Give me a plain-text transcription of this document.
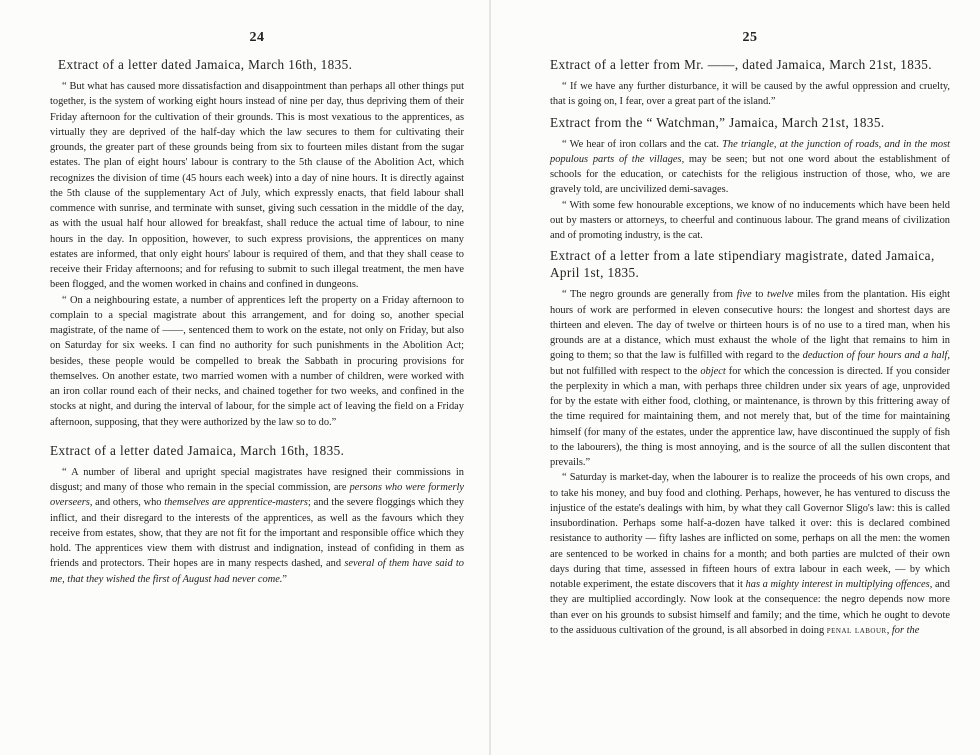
24
Extract of a letter dated Jamaica, March 16th, 1835.

“ But what has caused more dissatisfaction and disappointment than perhaps all other things put together, is the system of working eight hours instead of nine per day, thus depriving them of their Friday afternoon for the cultivation of their grounds. This is most vexatious to the apprentices, as virtually they are deprived of the half-day which the law secures to them for cultivating their grounds, the greater part of these grounds being from six to fourteen miles distant from the sugar estates. The plan of eight hours' labour is contrary to the 5th clause of the Abolition Act, which recognizes the division of time (45 hours each week) into a day of nine hours. It is directly against the 5th clause of the supplementary Act of July, which expressly enacts, that field labour shall commence with sunrise, and terminate with sunset, giving such cessation in the middle of the day, as with the usual half hour allowed for breakfast, shall reduce the actual time of labour, to nine hours in the day. In opposition, however, to such express provisions, the apprentices on many estates are informed, that only eight hours' labour is required of them, and that they shall cease to receive their Friday afternoons; and for refusing to submit to such illegal treatment, the men have been flogged, and the women worked in chains and confined in dungeons.

“ On a neighbouring estate, a number of apprentices left the property on a Friday afternoon to complain to a special magistrate about this arrangement, and for doing so, another special magistrate, of the name of ——, sentenced them to work on the estate, not only on Friday, but also on Saturday for six weeks. I can find no authority for such punishments in the Abolition Act; besides, these people would be compelled to break the Sabbath in procuring provisions for themselves. On another estate, two married women with a number of children, were worked with an iron collar round each of their necks, and chained together for two weeks, and confined in the stocks at night, and during the interval of labour, for the simple act of leaving the field on a Friday afternoon, supposing, that they were authorized by the law so to do.”

Extract of a letter dated Jamaica, March 16th, 1835.

“ A number of liberal and upright special magistrates have resigned their commissions in disgust; and many of those who remain in the special commission, are persons who were formerly overseers, and others, who themselves are apprentice-masters; and the severe floggings which they inflict, and their disregard to the interests of the apprentices, as well as the favours which they receive from estates, show, that they are not fit for the important and responsible office which they hold. The apprentices view them with distrust and indignation, instead of confiding in them as friends and protectors. Their hopes are in many respects dashed, and several of them have said to me, that they wished the first of August had never come.”

25
Extract of a letter from Mr. ——, dated Jamaica, March 21st, 1835.

“ If we have any further disturbance, it will be caused by the awful oppression and cruelty, that is going on, I fear, over a great part of the island.”

Extract from the “ Watchman,” Jamaica, March 21st, 1835.

“ We hear of iron collars and the cat. The triangle, at the junction of roads, and in the most populous parts of the villages, may be seen; but not one word about the establishment of schools for the education, or catechists for the religious instruction of those, who, we are gravely told, are uncivilized demi-savages.

“ With some few honourable exceptions, we know of no inducements which have been held out by masters or attorneys, to cheerful and continuous labour. The grand means of civilization and of promoting industry, is the cat.

Extract of a letter from a late stipendiary magistrate, dated Jamaica, April 1st, 1835.

“ The negro grounds are generally from five to twelve miles from the plantation. His eight hours of work are performed in eleven consecutive hours: the longest and shortest days are thirteen and eleven. The day of twelve or thirteen hours is of no use to a tired man, when his grounds are at a distance, which must exhaust the whole of the light that remains to him in going to them; so that the law is fulfilled with regard to the deduction of four hours and a half, but not fulfilled with respect to the object for which the concession is directed. If you consider the perplexity in which a man, with perhaps three children under six years of age, unprovided for by the estate with either food, clothing, or maintenance, is thrown by this frittering away of the time required for maintaining them, and not merely that, but of the time for maintaining himself (for many of the estates, under the apprentice law, have discontinued the supply of fish to the labourers), the thing is most annoying, and is the source of all the sullen discontent that prevails.”

“ Saturday is market-day, when the labourer is to realize the proceeds of his own crops, and to take his money, and buy food and clothing. Perhaps, however, he has ventured to discuss the injustice of the estate's dealings with him, by what they call Governor Sligo's law: this is called insubordination. Perhaps some half-a-dozen have talked it over: this is declared combined resistance to authority — fifty lashes are inflicted on some, perhaps on all the men: the women are sentenced to be worked in chains for a month; and both parties are mulcted of their own days during that time, assessed in fifteen hours of extra labour in each week, — by which notable experiment, the estate discovers that it has a mighty interest in multiplying offences, and they are multiplied accordingly. Now look at the consequence: the negro depends now more than ever on his grounds to subsist himself and family; and the time, which he ought to devote to the assiduous cultivation of the ground, is all absorbed in doing penal labour, for the
